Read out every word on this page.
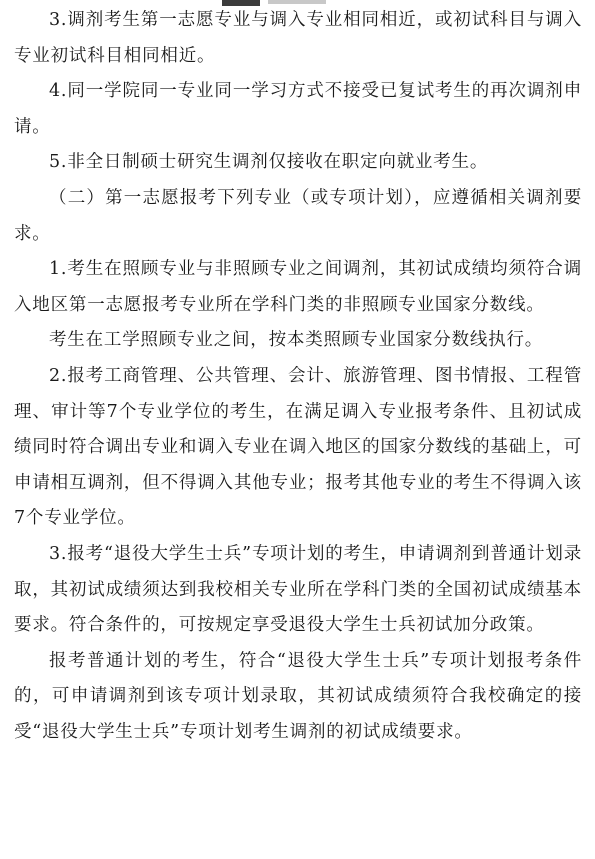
3.调剂考生第一志愿专业与调入专业相同相近，或初试科目与调入专业初试科目相同相近。

4.同一学院同一专业同一学习方式不接受已复试考生的再次调剂申请。

5.非全日制硕士研究生调剂仅接收在职定向就业考生。

（二）第一志愿报考下列专业（或专项计划），应遵循相关调剂要求。

1.考生在照顾专业与非照顾专业之间调剂，其初试成绩均须符合调入地区第一志愿报考专业所在学科门类的非照顾专业国家分数线。

考生在工学照顾专业之间，按本类照顾专业国家分数线执行。

2.报考工商管理、公共管理、会计、旅游管理、图书情报、工程管理、审计等7个专业学位的考生，在满足调入专业报考条件、且初试成绩同时符合调出专业和调入专业在调入地区的国家分数线的基础上，可申请相互调剂，但不得调入其他专业；报考其他专业的考生不得调入该7个专业学位。

3.报考“退役大学生士兵”专项计划的考生，申请调剂到普通计划录取，其初试成绩须达到我校相关专业所在学科门类的全国初试成绩基本要求。符合条件的，可按规定享受退役大学生士兵初试加分政策。

报考普通计划的考生，符合“退役大学生士兵”专项计划报考条件的，可申请调剂到该专项计划录取，其初试成绩须符合我校确定的接受“退役大学生士兵”专项计划考生调剂的初试成绩要求。
